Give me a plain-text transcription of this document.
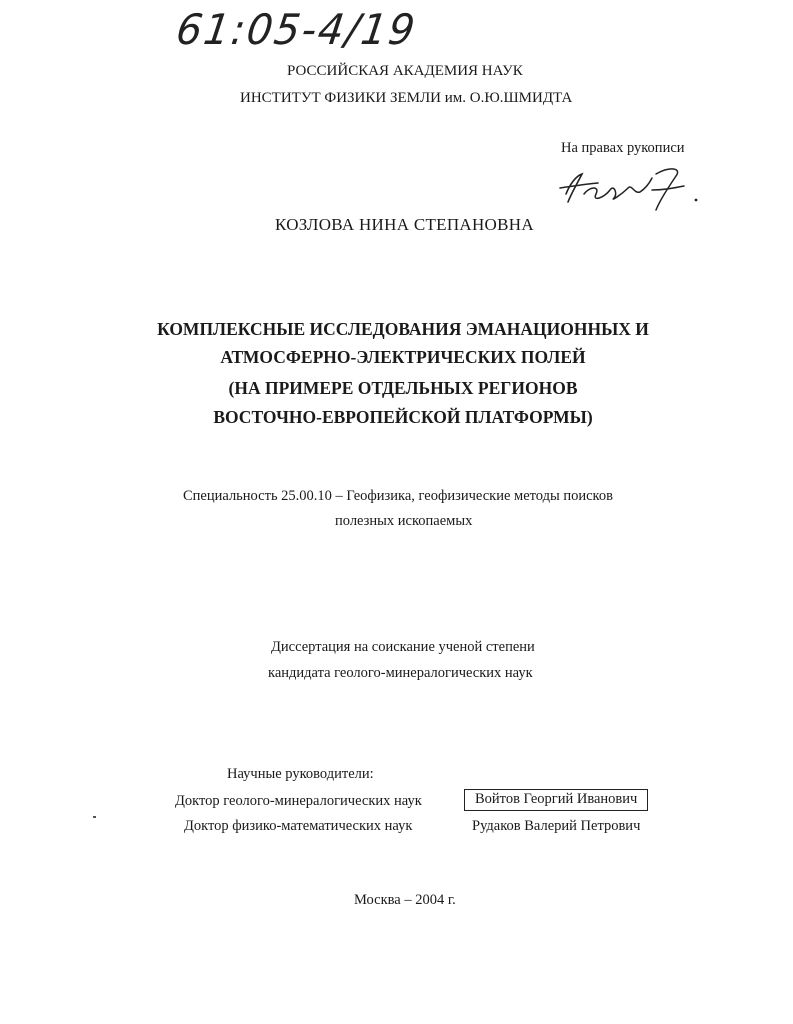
61:05-4/19
РОССИЙСКАЯ АКАДЕМИЯ НАУК
ИНСТИТУТ ФИЗИКИ ЗЕМЛИ им. О.Ю.ШМИДТА
На правах рукописи
КОЗЛОВА НИНА СТЕПАНОВНА
КОМПЛЕКСНЫЕ ИССЛЕДОВАНИЯ ЭМАНАЦИОННЫХ И
АТМОСФЕРНО-ЭЛЕКТРИЧЕСКИХ ПОЛЕЙ
(НА ПРИМЕРЕ ОТДЕЛЬНЫХ РЕГИОНОВ
ВОСТОЧНО-ЕВРОПЕЙСКОЙ ПЛАТФОРМЫ)
Специальность 25.00.10 – Геофизика, геофизические методы поисков
полезных ископаемых
Диссертация на соискание ученой степени
кандидата геолого-минералогических наук
Научные руководители:
Доктор геолого-минералогических наук	Войтов Георгий Иванович
Доктор физико-математических наук	Рудаков Валерий Петрович
Москва – 2004 г.
